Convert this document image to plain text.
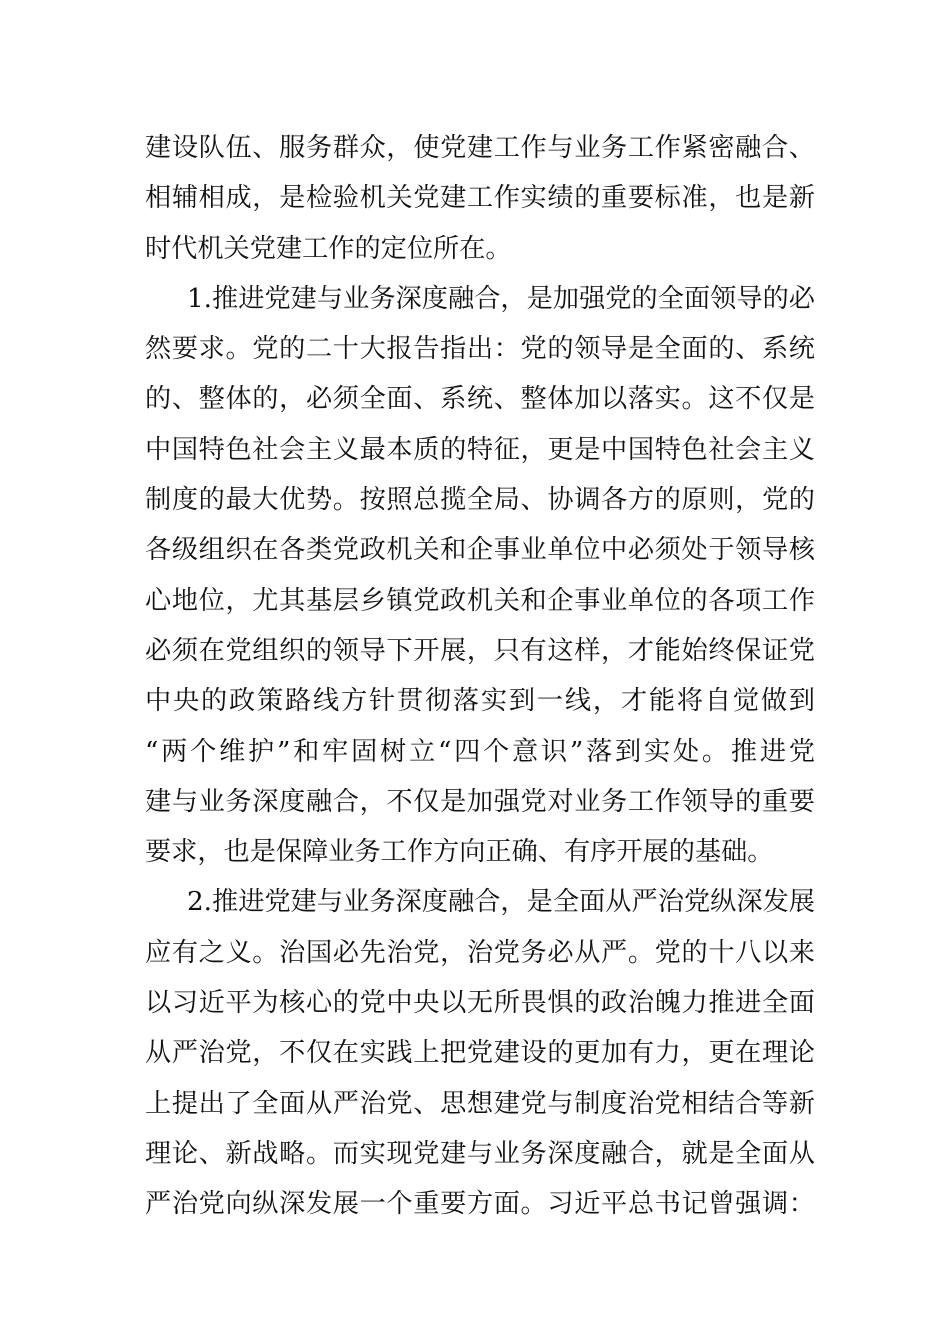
建设队伍、服务群众，使党建工作与业务工作紧密融合、
相辅相成，是检验机关党建工作实绩的重要标准，也是新
时代机关党建工作的定位所在。
1.推进党建与业务深度融合，是加强党的全面领导的必
然要求。党的二十大报告指出：党的领导是全面的、系统
的、整体的，必须全面、系统、整体加以落实。这不仅是
中国特色社会主义最本质的特征，更是中国特色社会主义
制度的最大优势。按照总揽全局、协调各方的原则，党的
各级组织在各类党政机关和企事业单位中必须处于领导核
心地位，尤其基层乡镇党政机关和企事业单位的各项工作
必须在党组织的领导下开展，只有这样，才能始终保证党
中央的政策路线方针贯彻落实到一线，才能将自觉做到
“两个维护”和牢固树立“四个意识”落到实处。推进党
建与业务深度融合，不仅是加强党对业务工作领导的重要
要求，也是保障业务工作方向正确、有序开展的基础。
2.推进党建与业务深度融合，是全面从严治党纵深发展
应有之义。治国必先治党，治党务必从严。党的十八以来
以习近平为核心的党中央以无所畏惧的政治魄力推进全面
从严治党，不仅在实践上把党建设的更加有力，更在理论
上提出了全面从严治党、思想建党与制度治党相结合等新
理论、新战略。而实现党建与业务深度融合，就是全面从
严治党向纵深发展一个重要方面。习近平总书记曾强调：
